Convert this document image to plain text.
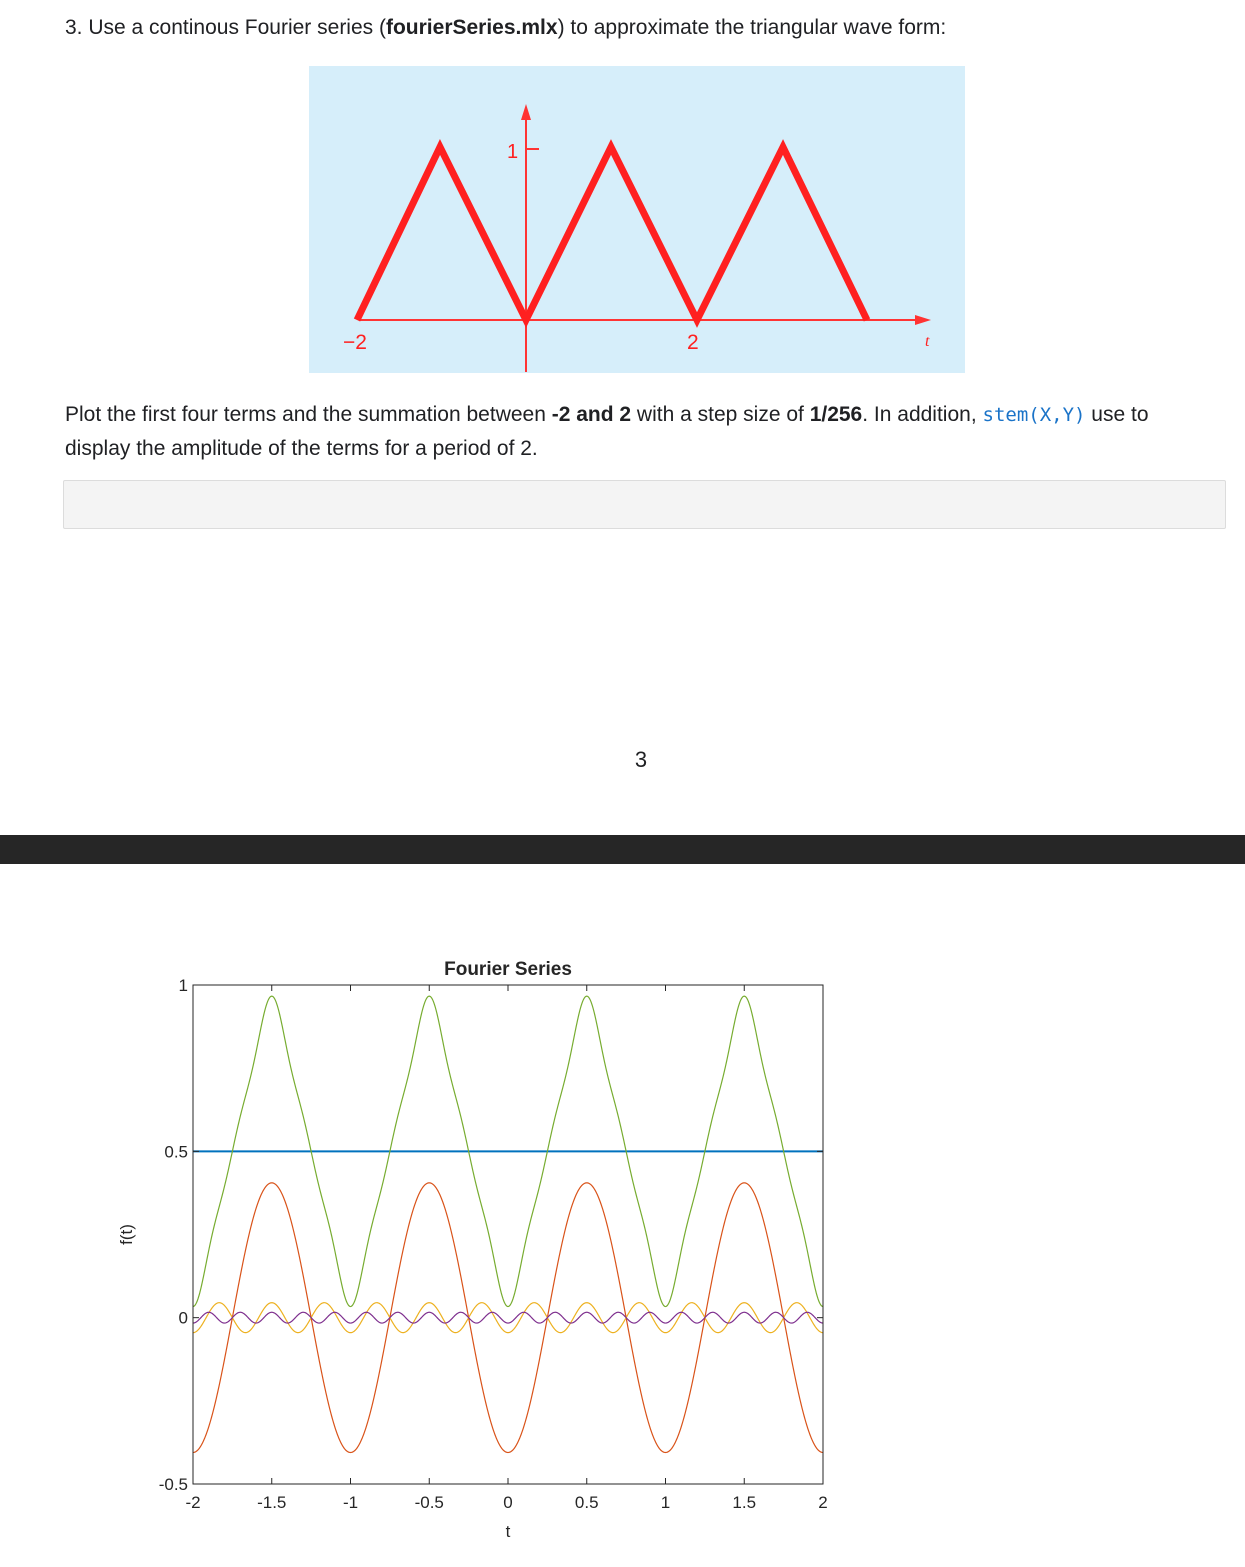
3. Use a continous Fourier series (fourierSeries.mlx) to approximate the triangular wave form:
1
−2	2	t

Plot the first four terms and the summation between -2 and 2 with a step size of 1/256. In addition, stem(X,Y) use to display the amplitude of the terms for a period of 2.

3
-2	-1.5	-1	-0.5	0	0.5	1	1.5	2
-0.5
0
0.5
1
Fourier Series
t
f(t)
